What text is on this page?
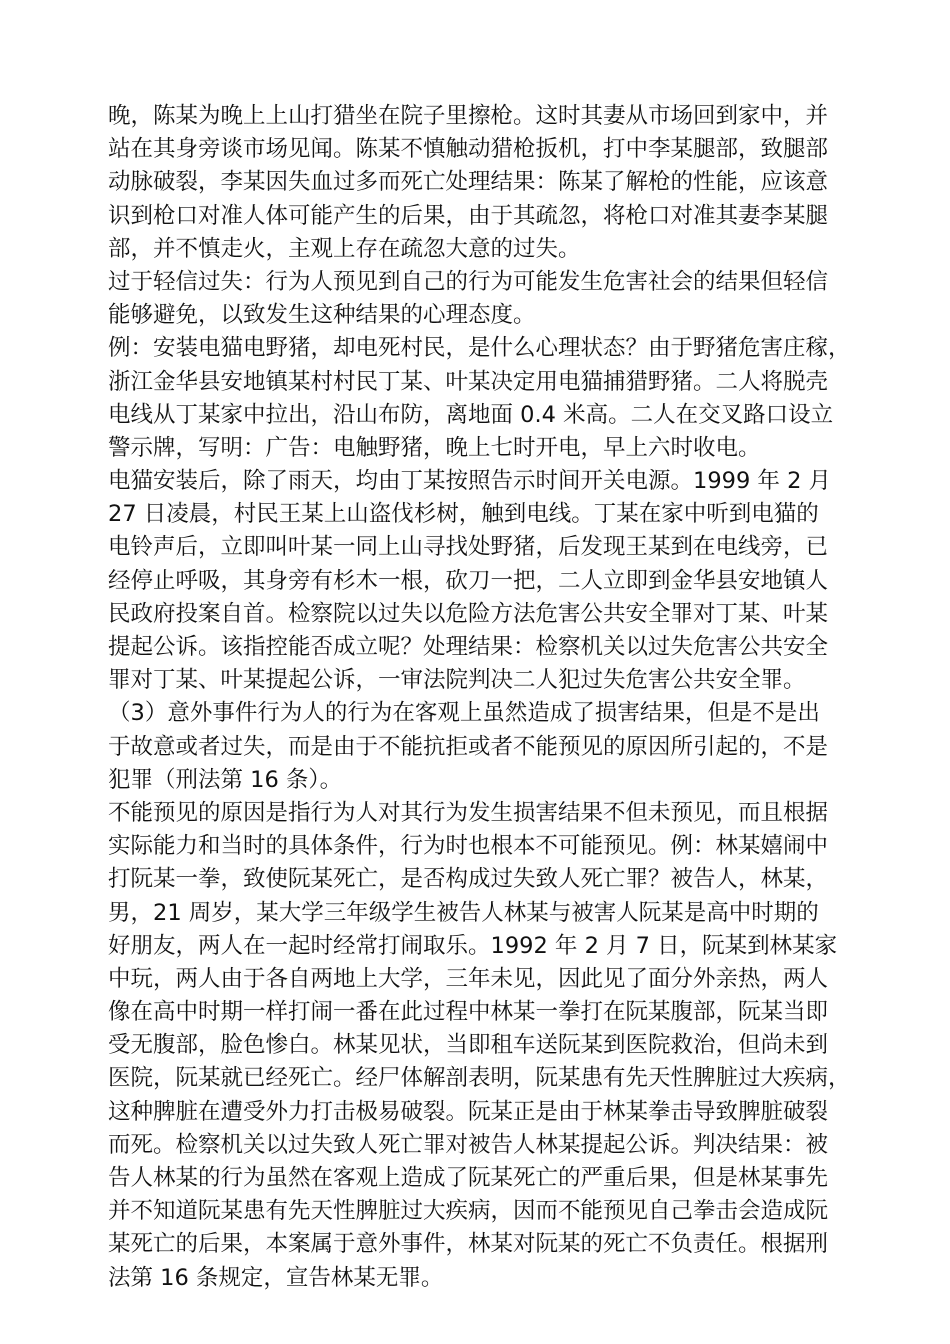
晚，陈某为晚上上山打猎坐在院子里擦枪。这时其妻从市场回到家中，并
站在其身旁谈市场见闻。陈某不慎触动猎枪扳机，打中李某腿部，致腿部
动脉破裂，李某因失血过多而死亡处理结果：陈某了解枪的性能，应该意
识到枪口对准人体可能产生的后果，由于其疏忽，将枪口对准其妻李某腿
部，并不慎走火，主观上存在疏忽大意的过失。
过于轻信过失：行为人预见到自己的行为可能发生危害社会的结果但轻信
能够避免，以致发生这种结果的心理态度。
例：安装电猫电野猪，却电死村民，是什么心理状态？由于野猪危害庄稼，
浙江金华县安地镇某村村民丁某、叶某决定用电猫捕猎野猪。二人将脱壳
电线从丁某家中拉出，沿山布防，离地面 0.4 米高。二人在交叉路口设立
警示牌，写明：广告：电触野猪，晚上七时开电，早上六时收电。
电猫安装后，除了雨天，均由丁某按照告示时间开关电源。1999 年 2 月
27 日凌晨，村民王某上山盗伐杉树，触到电线。丁某在家中听到电猫的
电铃声后，立即叫叶某一同上山寻找处野猪，后发现王某到在电线旁，已
经停止呼吸，其身旁有杉木一根，砍刀一把，二人立即到金华县安地镇人
民政府投案自首。检察院以过失以危险方法危害公共安全罪对丁某、叶某
提起公诉。该指控能否成立呢？处理结果：检察机关以过失危害公共安全
罪对丁某、叶某提起公诉，一审法院判决二人犯过失危害公共安全罪。
（3）意外事件行为人的行为在客观上虽然造成了损害结果，但是不是出
于故意或者过失，而是由于不能抗拒或者不能预见的原因所引起的，不是
犯罪（刑法第 16 条）。
不能预见的原因是指行为人对其行为发生损害结果不但未预见，而且根据
实际能力和当时的具体条件，行为时也根本不可能预见。例：林某嬉闹中
打阮某一拳，致使阮某死亡，是否构成过失致人死亡罪？被告人，林某，
男，21 周岁，某大学三年级学生被告人林某与被害人阮某是高中时期的
好朋友，两人在一起时经常打闹取乐。1992 年 2 月 7 日，阮某到林某家
中玩，两人由于各自两地上大学，三年未见，因此见了面分外亲热，两人
像在高中时期一样打闹一番在此过程中林某一拳打在阮某腹部，阮某当即
受无腹部，脸色惨白。林某见状，当即租车送阮某到医院救治，但尚未到
医院，阮某就已经死亡。经尸体解剖表明，阮某患有先天性脾脏过大疾病，
这种脾脏在遭受外力打击极易破裂。阮某正是由于林某拳击导致脾脏破裂
而死。检察机关以过失致人死亡罪对被告人林某提起公诉。判决结果：被
告人林某的行为虽然在客观上造成了阮某死亡的严重后果，但是林某事先
并不知道阮某患有先天性脾脏过大疾病，因而不能预见自己拳击会造成阮
某死亡的后果，本案属于意外事件，林某对阮某的死亡不负责任。根据刑
法第 16 条规定，宣告林某无罪。
